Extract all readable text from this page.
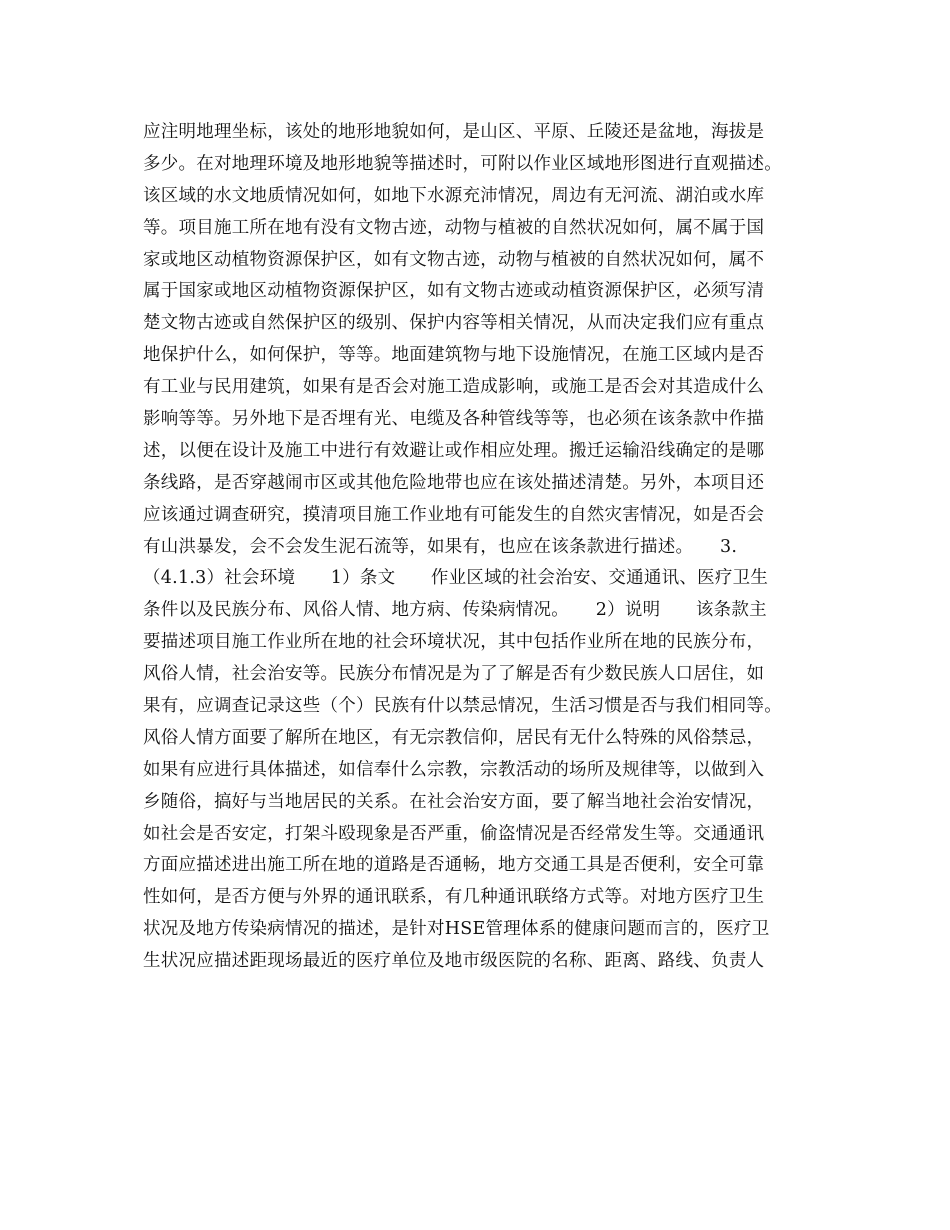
应注明地理坐标，该处的地形地貌如何，是山区、平原、丘陵还是盆地，海拔是
多少。在对地理环境及地形地貌等描述时，可附以作业区域地形图进行直观描述。
该区域的水文地质情况如何，如地下水源充沛情况，周边有无河流、湖泊或水库
等。项目施工所在地有没有文物古迹，动物与植被的自然状况如何，属不属于国
家或地区动植物资源保护区，如有文物古迹，动物与植被的自然状况如何，属不
属于国家或地区动植物资源保护区，如有文物古迹或动植资源保护区，必须写清
楚文物古迹或自然保护区的级别、保护内容等相关情况，从而决定我们应有重点
地保护什么，如何保护，等等。地面建筑物与地下设施情况，在施工区域内是否
有工业与民用建筑，如果有是否会对施工造成影响，或施工是否会对其造成什么
影响等等。另外地下是否埋有光、电缆及各种管线等等，也必须在该条款中作描
述，以便在设计及施工中进行有效避让或作相应处理。搬迁运输沿线确定的是哪
条线路，是否穿越闹市区或其他危险地带也应在该处描述清楚。另外，本项目还
应该通过调查研究，摸清项目施工作业地有可能发生的自然灾害情况，如是否会
有山洪暴发，会不会发生泥石流等，如果有，也应在该条款进行描述。　　3.
（4.1.3）社会环境　　1）条文　　作业区域的社会治安、交通通讯、医疗卫生
条件以及民族分布、风俗人情、地方病、传染病情况。　　2）说明　　该条款主
要描述项目施工作业所在地的社会环境状况，其中包括作业所在地的民族分布，
风俗人情，社会治安等。民族分布情况是为了了解是否有少数民族人口居住，如
果有，应调查记录这些（个）民族有什以禁忌情况，生活习惯是否与我们相同等。
风俗人情方面要了解所在地区，有无宗教信仰，居民有无什么特殊的风俗禁忌，
如果有应进行具体描述，如信奉什么宗教，宗教活动的场所及规律等，以做到入
乡随俗，搞好与当地居民的关系。在社会治安方面，要了解当地社会治安情况，
如社会是否安定，打架斗殴现象是否严重，偷盗情况是否经常发生等。交通通讯
方面应描述进出施工所在地的道路是否通畅，地方交通工具是否便利，安全可靠
性如何，是否方便与外界的通讯联系，有几种通讯联络方式等。对地方医疗卫生
状况及地方传染病情况的描述，是针对HSE管理体系的健康问题而言的，医疗卫
生状况应描述距现场最近的医疗单位及地市级医院的名称、距离、路线、负责人
